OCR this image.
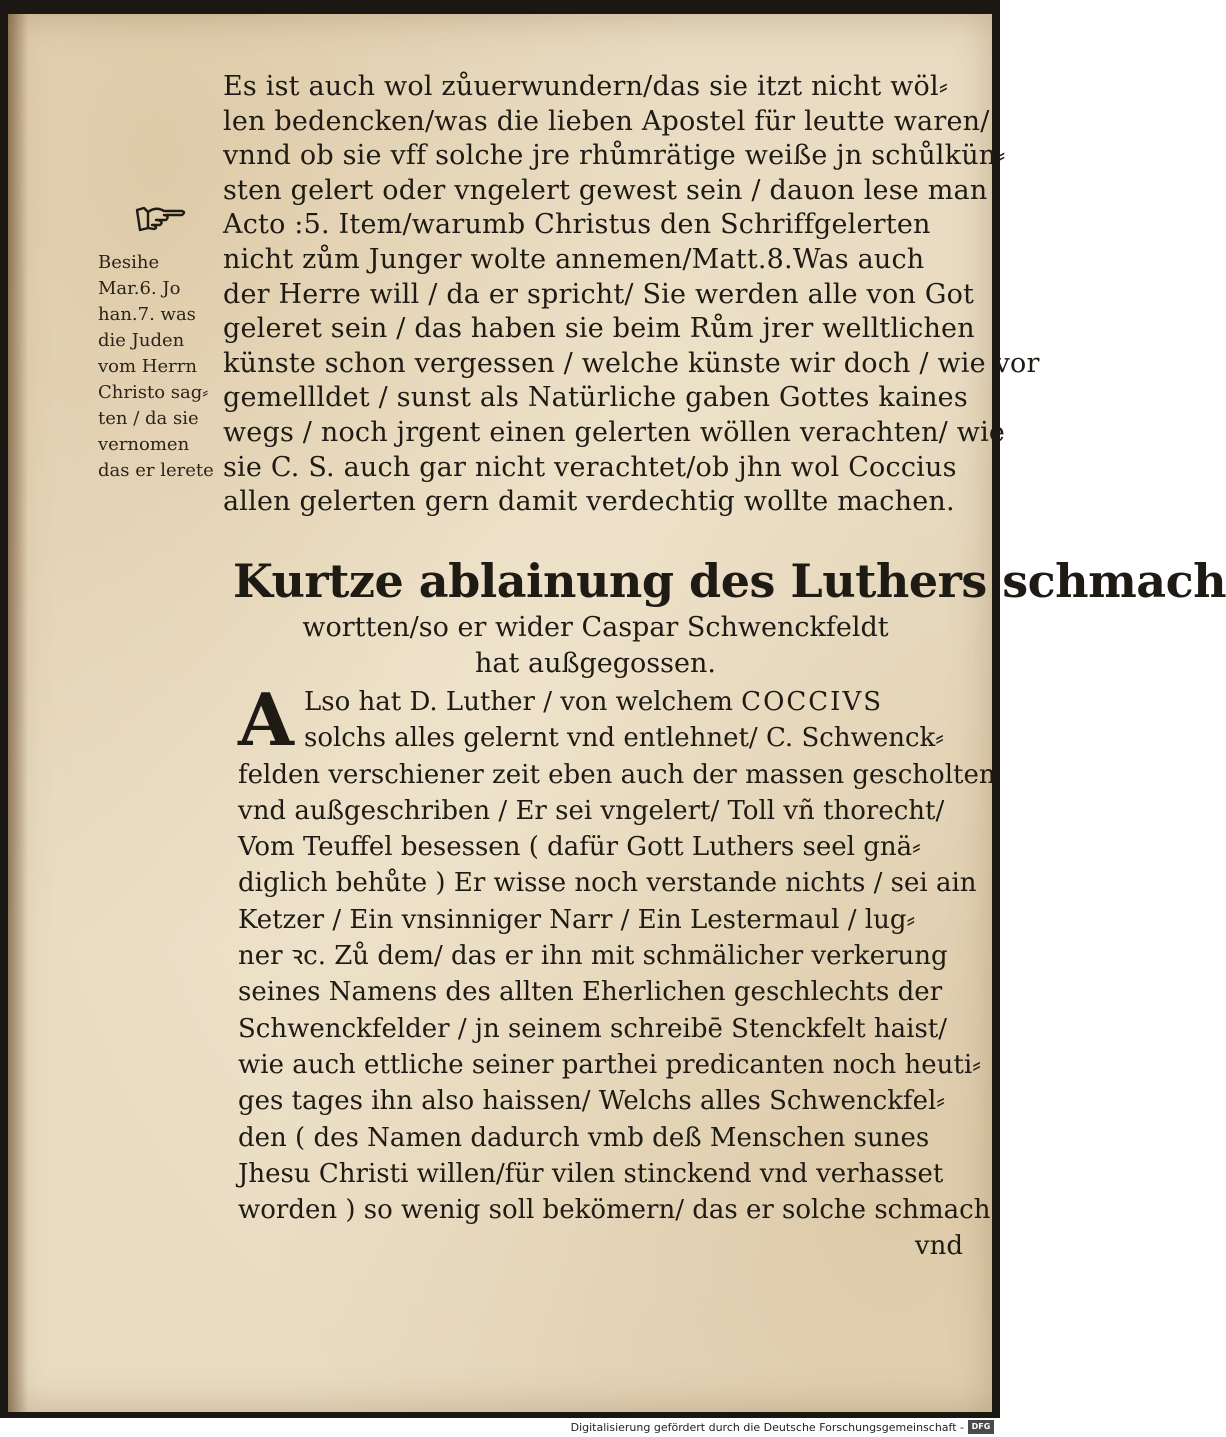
Besihe
Mar.6. Jo
han.7. was
die Juden
vom Herrn
Christo sag⸗
ten / da sie
vernomen
das er lerete
Es ist auch wol zůuerwundern/das sie itzt nicht wöl⸗
len bedencken/was die lieben Apostel für leutte waren/
vnnd ob sie vff solche jre rhůmrätige weiße jn schůlkün⸗
sten gelert oder vngelert gewest sein / dauon lese man
Acto :5. Item/warumb Christus den Schriffgelerten
nicht zům Junger wolte annemen/Matt.8.Was auch
der Herre will / da er spricht/ Sie werden alle von Got
geleret sein / das haben sie beim Rům jrer welltlichen
künste schon vergessen / welche künste wir doch / wie vor
gemellldet / sunst als Natürliche gaben Gottes kaines
wegs / noch jrgent einen gelerten wöllen verachten/ wie
sie C. S. auch gar nicht verachtet/ob jhn wol Coccius
allen gelerten gern damit verdechtig wollte machen.
Kurtze ablainung des Luthers schmach
wortten/so er wider Caspar Schwenckfeldt
hat außgegossen.
A Lso hat D. Luther / von welchem COCCIVS
solchs alles gelernt vnd entlehnet/ C. Schwenck⸗
felden verschiener zeit eben auch der massen gescholten
vnd außgeschriben / Er sei vngelert/ Toll vñ thorecht/
Vom Teuffel besessen ( dafür Gott Luthers seel gnä⸗
diglich behůte ) Er wisse noch verstande nichts / sei ain
Ketzer / Ein vnsinniger Narr / Ein Lestermaul / lug⸗
ner ꝛc. Zů dem/ das er ihn mit schmälicher verkerung
seines Namens des allten Eherlichen geschlechts der
Schwenckfelder / jn seinem schreibē Stenckfelt haist/
wie auch ettliche seiner parthei predicanten noch heuti⸗
ges tages ihn also haissen/ Welchs alles Schwenckfel⸗
den ( des Namen dadurch vmb deß Menschen sunes
Jhesu Christi willen/für vilen stinckend vnd verhasset
worden ) so wenig soll bekömern/ das er solche schmach
vnd
Digitalisierung gefördert durch die Deutsche Forschungsgemeinschaft - DFG
